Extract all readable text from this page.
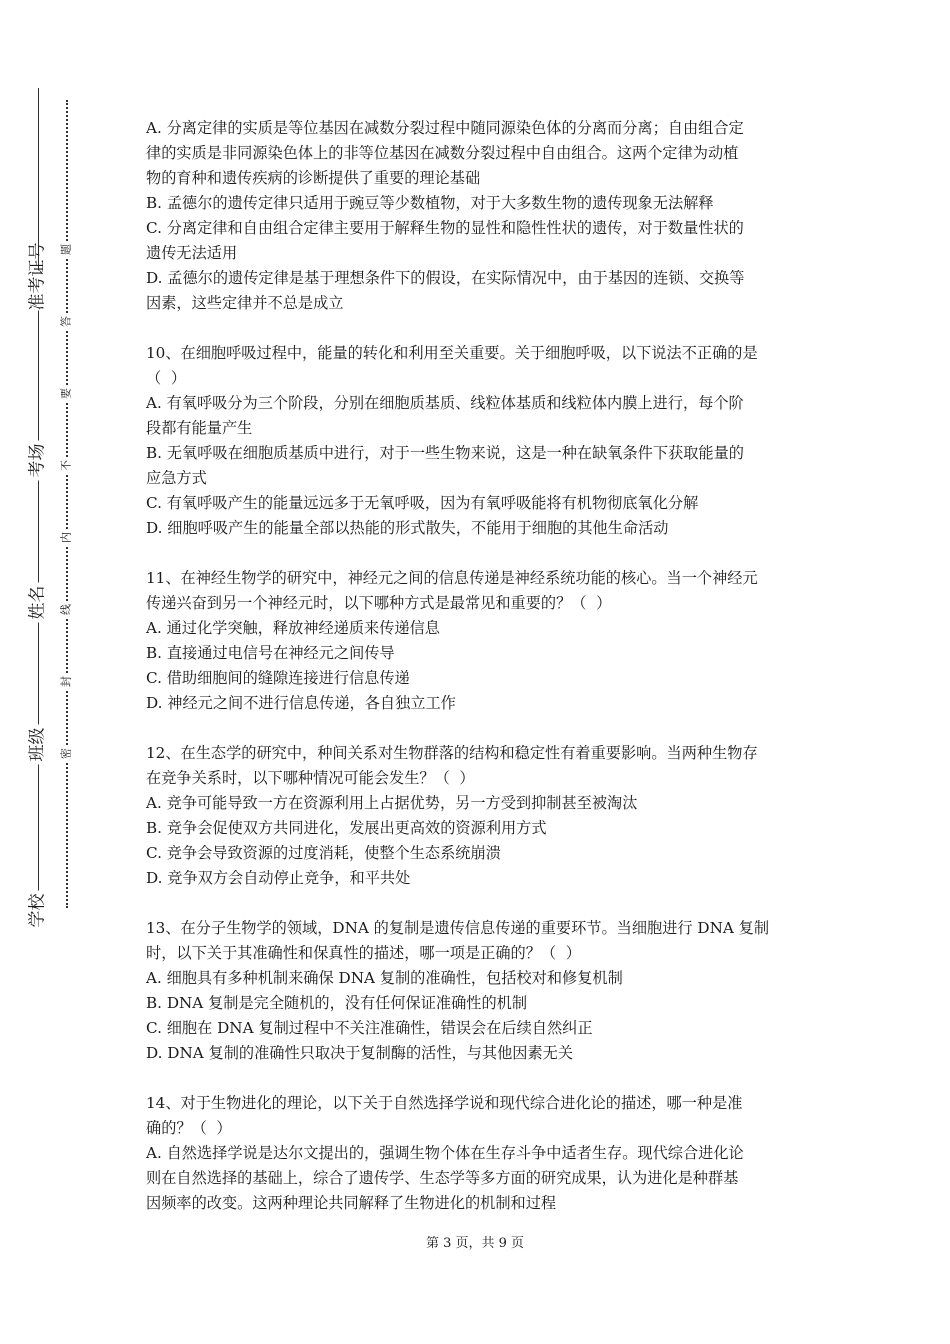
准考证号
考场
姓名
班级
学校
题
答
要
不
内
线
封
密

A. 分离定律的实质是等位基因在减数分裂过程中随同源染色体的分离而分离；自由组合定

律的实质是非同源染色体上的非等位基因在减数分裂过程中自由组合。这两个定律为动植

物的育种和遗传疾病的诊断提供了重要的理论基础

B. 孟德尔的遗传定律只适用于豌豆等少数植物，对于大多数生物的遗传现象无法解释

C. 分离定律和自由组合定律主要用于解释生物的显性和隐性性状的遗传，对于数量性状的

遗传无法适用

D. 孟德尔的遗传定律是基于理想条件下的假设，在实际情况中，由于基因的连锁、交换等

因素，这些定律并不总是成立

10、在细胞呼吸过程中，能量的转化和利用至关重要。关于细胞呼吸，以下说法不正确的是

（  ）

A. 有氧呼吸分为三个阶段，分别在细胞质基质、线粒体基质和线粒体内膜上进行，每个阶

段都有能量产生

B. 无氧呼吸在细胞质基质中进行，对于一些生物来说，这是一种在缺氧条件下获取能量的

应急方式

C. 有氧呼吸产生的能量远远多于无氧呼吸，因为有氧呼吸能将有机物彻底氧化分解

D. 细胞呼吸产生的能量全部以热能的形式散失，不能用于细胞的其他生命活动

11、在神经生物学的研究中，神经元之间的信息传递是神经系统功能的核心。当一个神经元

传递兴奋到另一个神经元时，以下哪种方式是最常见和重要的？（  ）

A. 通过化学突触，释放神经递质来传递信息

B. 直接通过电信号在神经元之间传导

C. 借助细胞间的缝隙连接进行信息传递

D. 神经元之间不进行信息传递，各自独立工作

12、在生态学的研究中，种间关系对生物群落的结构和稳定性有着重要影响。当两种生物存

在竞争关系时，以下哪种情况可能会发生？（  ）

A. 竞争可能导致一方在资源利用上占据优势，另一方受到抑制甚至被淘汰

B. 竞争会促使双方共同进化，发展出更高效的资源利用方式

C. 竞争会导致资源的过度消耗，使整个生态系统崩溃

D. 竞争双方会自动停止竞争，和平共处

13、在分子生物学的领域，DNA 的复制是遗传信息传递的重要环节。当细胞进行 DNA 复制

时，以下关于其准确性和保真性的描述，哪一项是正确的？（  ）

A. 细胞具有多种机制来确保 DNA 复制的准确性，包括校对和修复机制

B. DNA 复制是完全随机的，没有任何保证准确性的机制

C. 细胞在 DNA 复制过程中不关注准确性，错误会在后续自然纠正

D. DNA 复制的准确性只取决于复制酶的活性，与其他因素无关

14、对于生物进化的理论，以下关于自然选择学说和现代综合进化论的描述，哪一种是准

确的？（  ）

A. 自然选择学说是达尔文提出的，强调生物个体在生存斗争中适者生存。现代综合进化论

则在自然选择的基础上，综合了遗传学、生态学等多方面的研究成果，认为进化是种群基

因频率的改变。这两种理论共同解释了生物进化的机制和过程

第 3 页，共 9 页
